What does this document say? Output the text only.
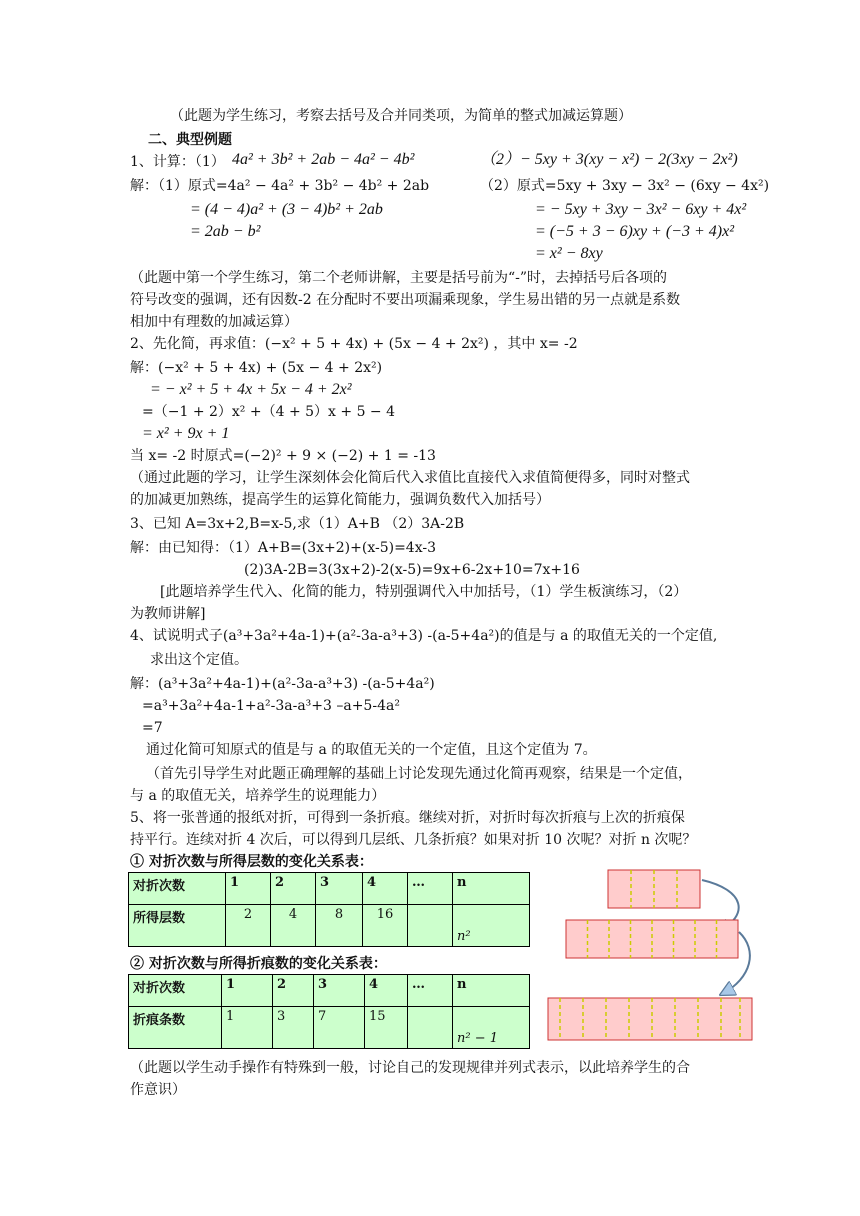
（此题为学生练习，考察去括号及合并同类项，为简单的整式加减运算题）
二、典型例题
1、计算：（1） 4a² + 3b² + 2ab − 4a² − 4b²	（2）− 5xy + 3(xy − x²) − 2(3xy − 2x²)
解：（1）原式=4a² − 4a² + 3b² − 4b² + 2ab
= (4 − 4)a² + (3 − 4)b² + 2ab
= 2ab − b²
（2）原式=5xy + 3xy − 3x² − (6xy − 4x²)
= − 5xy + 3xy − 3x² − 6xy + 4x²
= (−5 + 3 − 6)xy + (−3 + 4)x²
= x² − 8xy
（此题中第一个学生练习，第二个老师讲解，主要是括号前为“-”时，去掉括号后各项的
符号改变的强调，还有因数-2 在分配时不要出项漏乘现象，学生易出错的另一点就是系数
相加中有理数的加减运算）
2、先化简，再求值：(−x² + 5 + 4x) + (5x − 4 + 2x²) ，其中 x= -2
解：(−x² + 5 + 4x) + (5x − 4 + 2x²)
= − x² + 5 + 4x + 5x − 4 + 2x²
=（−1 + 2）x² +（4 + 5）x + 5 − 4
= x² + 9x + 1
当 x= -2 时原式=(−2)² + 9 × (−2) + 1 = -13
（通过此题的学习，让学生深刻体会化简后代入求值比直接代入求值简便得多，同时对整式
的加减更加熟练，提高学生的运算化简能力，强调负数代入加括号）
3、已知 A=3x+2,B=x-5,求（1）A+B （2）3A-2B
解：由已知得：（1）A+B=(3x+2)+(x-5)=4x-3
(2)3A-2B=3(3x+2)-2(x-5)=9x+6-2x+10=7x+16
[此题培养学生代入、化简的能力，特别强调代入中加括号，（1）学生板演练习，（2）
为教师讲解]
4、试说明式子(a³+3a²+4a-1)+(a²-3a-a³+3) -(a-5+4a²)的值是与 a 的取值无关的一个定值,
求出这个定值。
解：(a³+3a²+4a-1)+(a²-3a-a³+3) -(a-5+4a²)
=a³+3a²+4a-1+a²-3a-a³+3 –a+5-4a²
=7
通过化简可知原式的值是与 a 的取值无关的一个定值，且这个定值为 7。
（首先引导学生对此题正确理解的基础上讨论发现先通过化简再观察，结果是一个定值，
与 a 的取值无关，培养学生的说理能力）
5、将一张普通的报纸对折，可得到一条折痕。继续对折，对折时每次折痕与上次的折痕保
持平行。连续对折 4 次后，可以得到几层纸、几条折痕？如果对折 10 次呢？对折 n 次呢？
① 对折次数与所得层数的变化关系表：
对折次数	1	2	3	4	…	n
所得层数	2	4	8	16		n²
② 对折次数与所得折痕数的变化关系表：
对折次数	1	2	3	4	…	n
折痕条数	1	3	7	15		n² − 1
（此题以学生动手操作有特殊到一般，讨论自己的发现规律并列式表示，以此培养学生的合
作意识）
